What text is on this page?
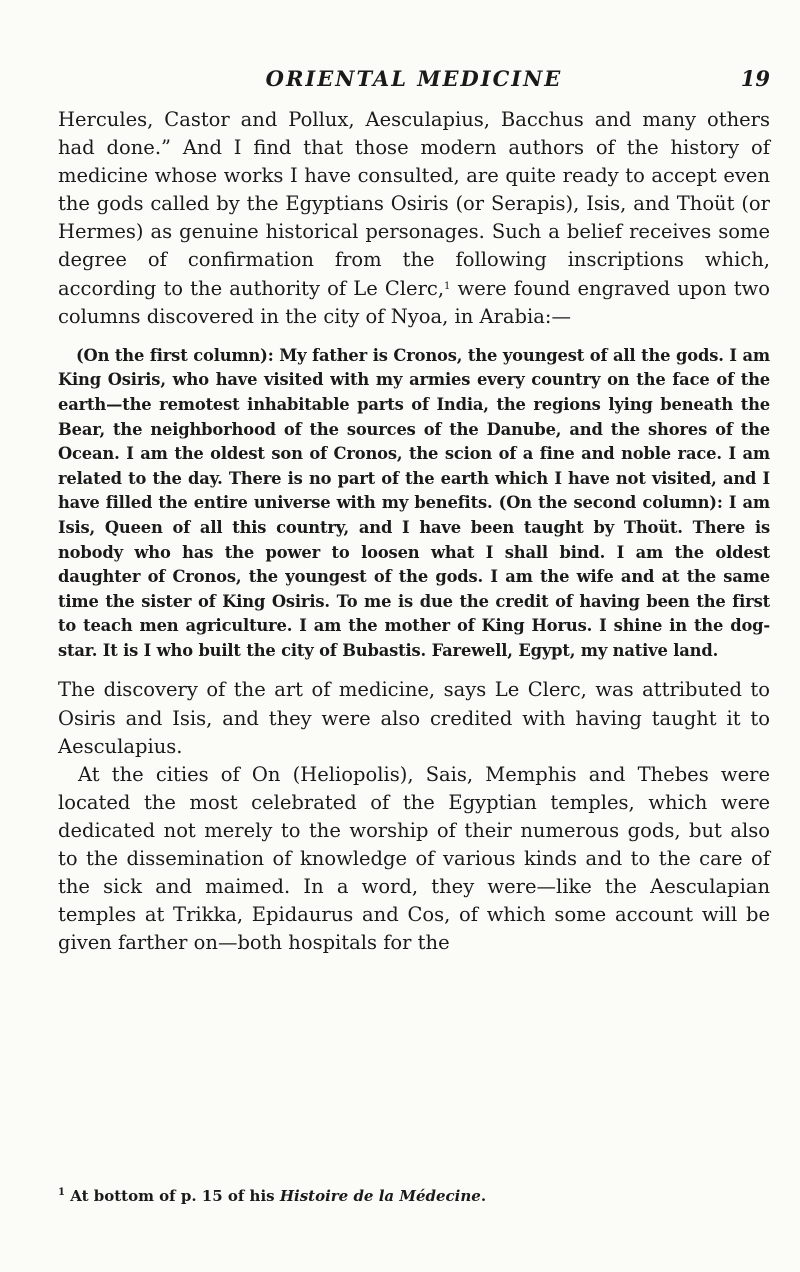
ORIENTAL MEDICINE	19

Hercules, Castor and Pollux, Aesculapius, Bacchus and many others had done.” And I find that those modern authors of the history of medicine whose works I have consulted, are quite ready to accept even the gods called by the Egyptians Osiris (or Serapis), Isis, and Thoüt (or Hermes) as genuine historical personages. Such a belief receives some degree of confirmation from the following inscriptions which, according to the authority of Le Clerc,$^1$ were found engraved upon two columns discovered in the city of Nyoa, in Arabia:—

(On the first column): My father is Cronos, the youngest of all the gods. I am King Osiris, who have visited with my armies every country on the face of the earth—the remotest inhabitable parts of India, the regions lying beneath the Bear, the neighborhood of the sources of the Danube, and the shores of the Ocean. I am the oldest son of Cronos, the scion of a fine and noble race. I am related to the day. There is no part of the earth which I have not visited, and I have filled the entire universe with my benefits. (On the second column): I am Isis, Queen of all this country, and I have been taught by Thoüt. There is nobody who has the power to loosen what I shall bind. I am the oldest daughter of Cronos, the youngest of the gods. I am the wife and at the same time the sister of King Osiris. To me is due the credit of having been the first to teach men agriculture. I am the mother of King Horus. I shine in the dog-star. It is I who built the city of Bubastis. Farewell, Egypt, my native land.

The discovery of the art of medicine, says Le Clerc, was attributed to Osiris and Isis, and they were also credited with having taught it to Aesculapius.

At the cities of On (Heliopolis), Sais, Memphis and Thebes were located the most celebrated of the Egyptian temples, which were dedicated not merely to the worship of their numerous gods, but also to the dissemination of knowledge of various kinds and to the care of the sick and maimed. In a word, they were—like the Aesculapian temples at Trikka, Epidaurus and Cos, of which some account will be given farther on—both hospitals for the

$^1$ At bottom of p. 15 of his Histoire de la Médecine.
